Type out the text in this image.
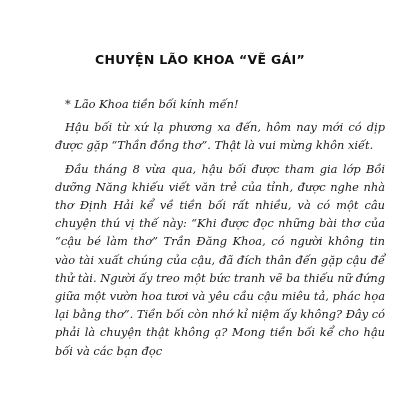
CHUYỆN LÃO KHOA “VẼ GÁI”

* Lão Khoa tiền bối kính mến!

Hậu bối từ xứ lạ phương xa đến, hôm nay mới có dịp được gặp “Thần đồng thơ”. Thật là vui mừng khôn xiết.

Đầu tháng 8 vừa qua, hậu bối được tham gia lớp Bồi dưỡng Năng khiếu viết văn trẻ của tỉnh, được nghe nhà thơ Định Hải kể về tiền bối rất nhiều, và có một câu chuyện thú vị thế này: “Khi được đọc những bài thơ của “cậu bé làm thơ” Trần Đăng Khoa, có người không tin vào tài xuất chúng của cậu, đã đích thân đến gặp cậu để thử tài. Người ấy treo một bức tranh vẽ ba thiếu nữ đứng giữa một vườn hoa tươi và yêu cầu cậu miêu tả, phác họa lại bằng thơ”. Tiền bối còn nhớ kỉ niệm ấy không? Đây có phải là chuyện thật không ạ? Mong tiền bối kể cho hậu bối và các bạn đọc
